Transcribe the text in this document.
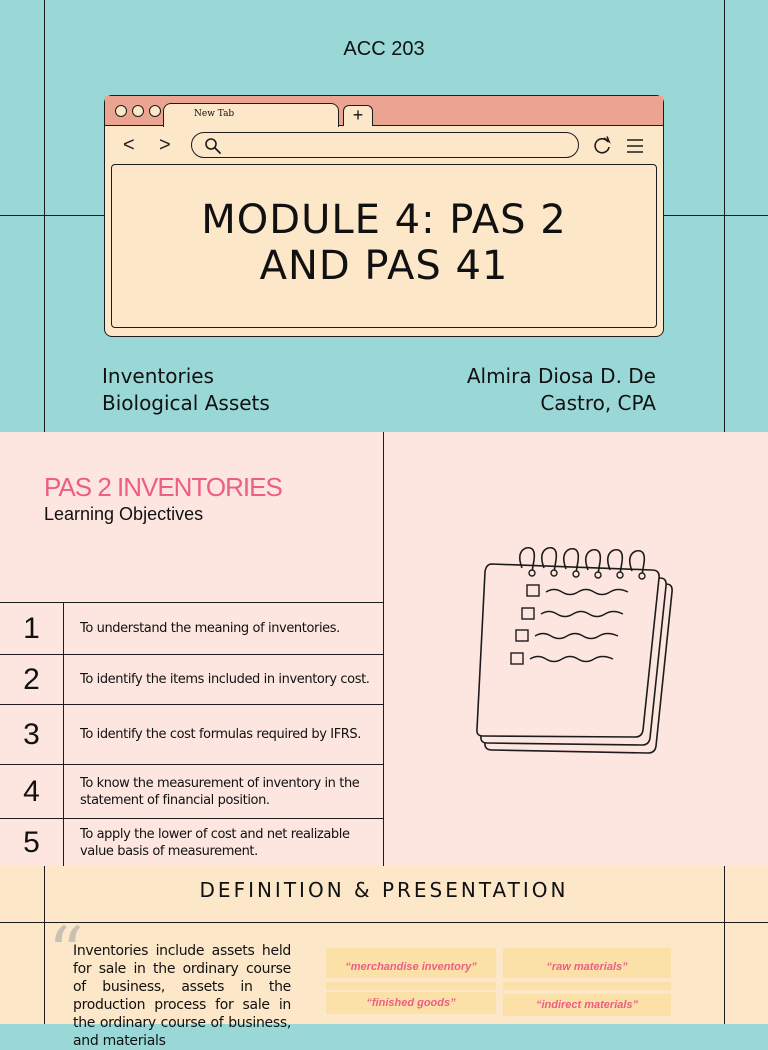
ACC 203
New Tab	+
< >
MODULE 4: PAS 2
AND PAS 41
Inventories
Biological Assets
Almira Diosa D. De
Castro, CPA
PAS 2 INVENTORIES
Learning Objectives
1	To understand the meaning of inventories.
2	To identify the items included in inventory cost.
3	To identify the cost formulas required by IFRS.
4	To know the measurement of inventory in the statement of financial position.
5	To apply the lower of cost and net realizable value basis of measurement.
DEFINITION & PRESENTATION
“
Inventories include assets held for sale in the ordinary course of business, assets in the production process for sale in the ordinary course of business, and materials
“merchandise inventory”	“raw materials”
“finished goods”	“indirect materials”
